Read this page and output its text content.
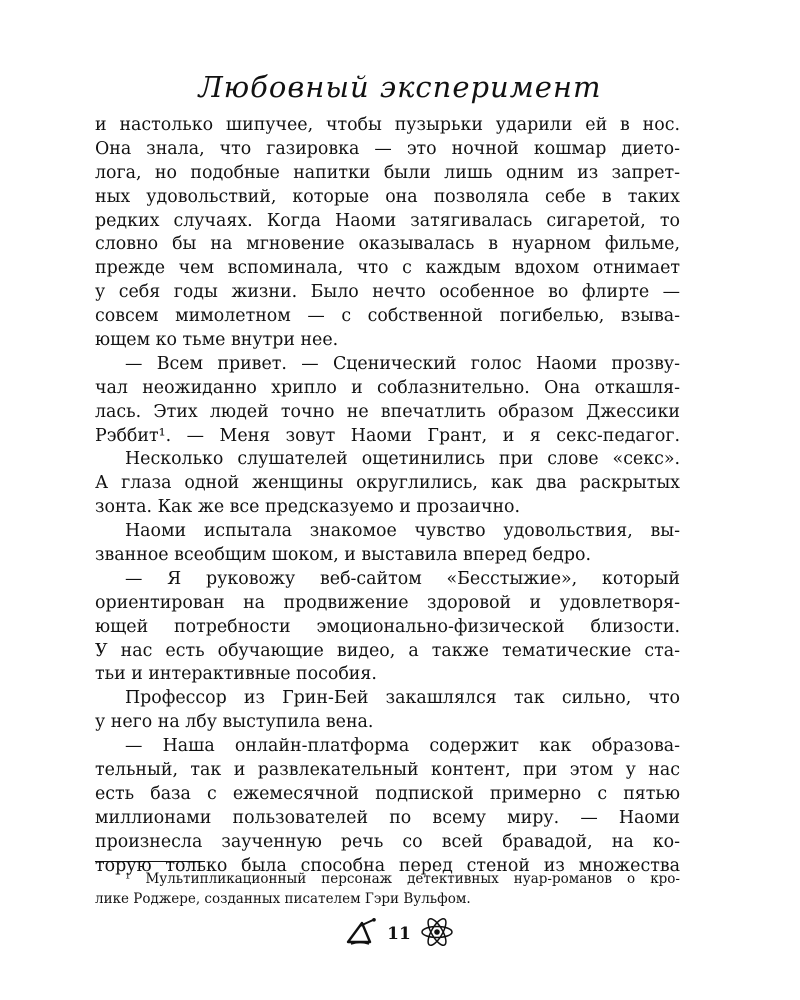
Любовный эксперимент
и настолько шипучее, чтобы пузырьки ударили ей в нос.
Она знала, что газировка — это ночной кошмар дието-
лога, но подобные напитки были лишь одним из запрет-
ных удовольствий, которые она позволяла себе в таких
редких случаях. Когда Наоми затягивалась сигаретой, то
словно бы на мгновение оказывалась в нуарном фильме,
прежде чем вспоминала, что с каждым вдохом отнимает
у себя годы жизни. Было нечто особенное во флирте —
совсем мимолетном — с собственной погибелью, взыва-
ющем ко тьме внутри нее.
— Всем привет. — Сценический голос Наоми прозву-
чал неожиданно хрипло и соблазнительно. Она откашля-
лась. Этих людей точно не впечатлить образом Джессики
Рэббит¹. — Меня зовут Наоми Грант, и я секс-педагог.
Несколько слушателей ощетинились при слове «секс».
А глаза одной женщины округлились, как два раскрытых
зонта. Как же все предсказуемо и прозаично.
Наоми испытала знакомое чувство удовольствия, вы-
званное всеобщим шоком, и выставила вперед бедро.
— Я руковожу веб-сайтом «Бесстыжие», который
ориентирован на продвижение здоровой и удовлетворя-
ющей потребности эмоционально-физической близости.
У нас есть обучающие видео, а также тематические ста-
тьи и интерактивные пособия.
Профессор из Грин-Бей закашлялся так сильно, что
у него на лбу выступила вена.
— Наша онлайн-платформа содержит как образова-
тельный, так и развлекательный контент, при этом у нас
есть база с ежемесячной подпиской примерно с пятью
миллионами пользователей по всему миру. — Наоми
произнесла заученную речь со всей бравадой, на ко-
торую только была способна перед стеной из множества
¹ Мультипликационный персонаж детективных нуар-романов о кро-
лике Роджере, созданных писателем Гэри Вульфом.
11
